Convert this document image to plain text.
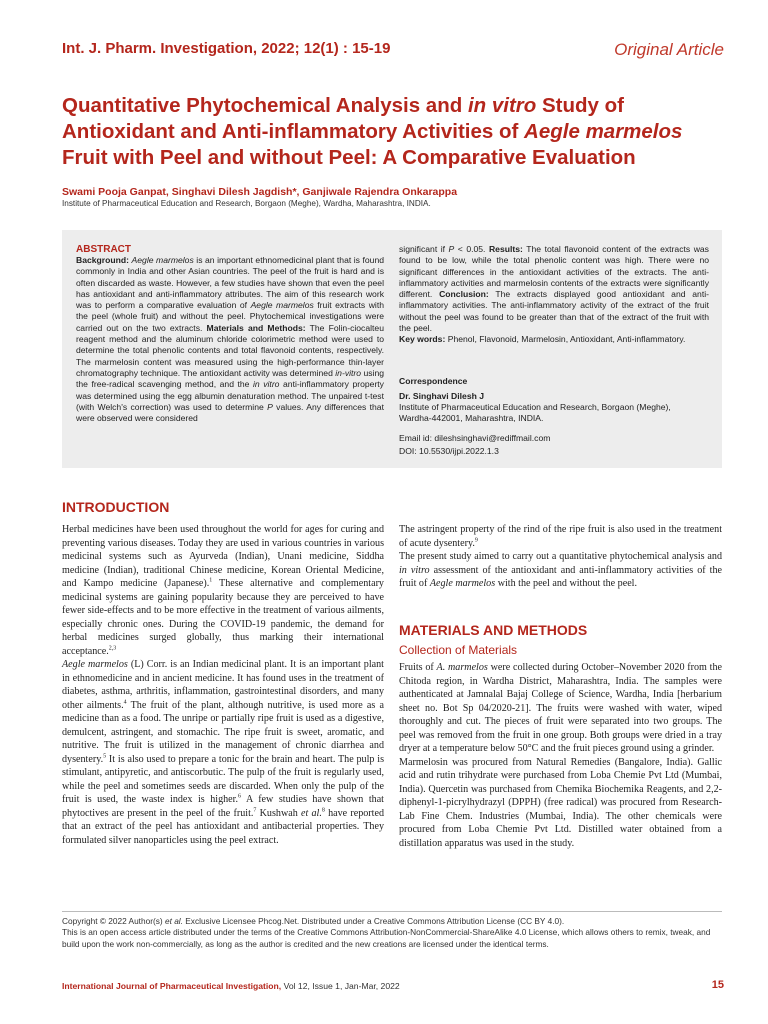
Int. J. Pharm. Investigation, 2022; 12(1) : 15-19	Original Article
Quantitative Phytochemical Analysis and in vitro Study of Antioxidant and Anti-inflammatory Activities of Aegle marmelos Fruit with Peel and without Peel: A Comparative Evaluation
Swami Pooja Ganpat, Singhavi Dilesh Jagdish*, Ganjiwale Rajendra Onkarappa
Institute of Pharmaceutical Education and Research, Borgaon (Meghe), Wardha, Maharashtra, INDIA.
ABSTRACT
Background: Aegle marmelos is an important ethnomedicinal plant that is found commonly in India and other Asian countries. The peel of the fruit is hard and is often discarded as waste. However, a few studies have shown that even the peel has antioxidant and anti-inflammatory attributes. The aim of this research work was to perform a comparative evaluation of Aegle marmelos fruit extracts with the peel (whole fruit) and without the peel. Phytochemical investigations were carried out on the two extracts. Materials and Methods: The Folin-ciocalteu reagent method and the aluminum chloride colorimetric method were used to determine the total phenolic contents and total flavonoid contents, respectively. The marmelosin content was measured using the high-performance thin-layer chromatography technique. The antioxidant activity was determined in-vitro using the free-radical scavenging method, and the in vitro anti-inflammatory property was determined using the egg albumin denaturation method. The unpaired t-test (with Welch's correction) was used to determine P values. Any differences that were observed were considered
significant if P < 0.05. Results: The total flavonoid content of the extracts was found to be low, while the total phenolic content was high. There were no significant differences in the antioxidant activities of the extracts. The anti-inflammatory activities and marmelosin contents of the extracts were significantly different. Conclusion: The extracts displayed good antioxidant and anti-inflammatory activities. The anti-inflammatory activity of the extract of the fruit without the peel was found to be greater than that of the extract of the fruit with the peel.
Key words: Phenol, Flavonoid, Marmelosin, Antioxidant, Anti-inflammatory.
Correspondence
Dr. Singhavi Dilesh J
Institute of Pharmaceutical Education and Research, Borgaon (Meghe),
Wardha-442001, Maharashtra, INDIA.
Email id: dileshsinghavi@rediffmail.com
DOI: 10.5530/ijpi.2022.1.3
INTRODUCTION

Herbal medicines have been used throughout the world for ages for curing and preventing various diseases. Today they are used in various countries in various medicinal systems such as Ayurveda (Indian), Unani medicine, Siddha medicine (Indian), traditional Chinese medicine, Korean Oriental Medicine, and Kampo medicine (Japanese).$^1$ These alternative and complementary medicinal systems are gaining popularity because they are perceived to have fewer side-effects and to be more effective in the treatment of various ailments, especially chronic ones. During the COVID-19 pandemic, the demand for herbal medicines surged globally, thus marking their international acceptance.$^{2,3}$

Aegle marmelos (L) Corr. is an Indian medicinal plant. It is an important plant in ethnomedicine and in ancient medicine. It has found uses in the treatment of diabetes, asthma, arthritis, inflammation, gastrointestinal disorders, and many other ailments.$^4$ The fruit of the plant, although nutritive, is used more as a medicine than as a food. The unripe or partially ripe fruit is used as a digestive, demulcent, astringent, and stomachic. The ripe fruit is sweet, aromatic, and nutritive. The fruit is utilized in the management of chronic diarrhea and dysentery.$^5$ It is also used to prepare a tonic for the brain and heart. The pulp is stimulant, antipyretic, and antiscorbutic. The pulp of the fruit is regularly used, while the peel and sometimes seeds are discarded. When only the pulp of the fruit is used, the waste index is higher.$^6$ A few studies have shown that phytoctives are present in the peel of the fruit.$^7$ Kushwah et al.$^8$ have reported that an extract of the peel has antioxidant and antibacterial properties. They formulated silver nanoparticles using the peel extract.

The astringent property of the rind of the ripe fruit is also used in the treatment of acute dysentery.$^9$

The present study aimed to carry out a quantitative phytochemical analysis and in vitro assessment of the antioxidant and anti-inflammatory activities of the fruit of Aegle marmelos with the peel and without the peel.

MATERIALS AND METHODS
Collection of Materials

Fruits of A. marmelos were collected during October–November 2020 from the Chitoda region, in Wardha District, Maharashtra, India. The samples were authenticated at Jamnalal Bajaj College of Science, Wardha, India [herbarium sheet no. Bot Sp 04/2020-21]. The fruits were washed with water, wiped thoroughly and cut. The pieces of fruit were separated into two groups. The peel was removed from the fruit in one group. Both groups were dried in a tray dryer at a temperature below 50°C and the fruit pieces ground using a grinder.

Marmelosin was procured from Natural Remedies (Bangalore, India). Gallic acid and rutin trihydrate were purchased from Loba Chemie Pvt Ltd (Mumbai, India). Quercetin was purchased from Chemika Biochemika Reagents, and 2,2-diphenyl-1-picrylhydrazyl (DPPH) (free radical) was procured from Research-Lab Fine Chem. Industries (Mumbai, India). The other chemicals were procured from Loba Chemie Pvt Ltd. Distilled water obtained from a distillation apparatus was used in the study.

Copyright © 2022 Author(s) et al. Exclusive Licensee Phcog.Net. Distributed under a Creative Commons Attribution License (CC BY 4.0).
This is an open access article distributed under the terms of the Creative Commons Attribution-NonCommercial-ShareAlike 4.0 License, which allows others to remix, tweak, and build upon the work non-commercially, as long as the author is credited and the new creations are licensed under the identical terms.
International Journal of Pharmaceutical Investigation, Vol 12, Issue 1, Jan-Mar, 2022	15
